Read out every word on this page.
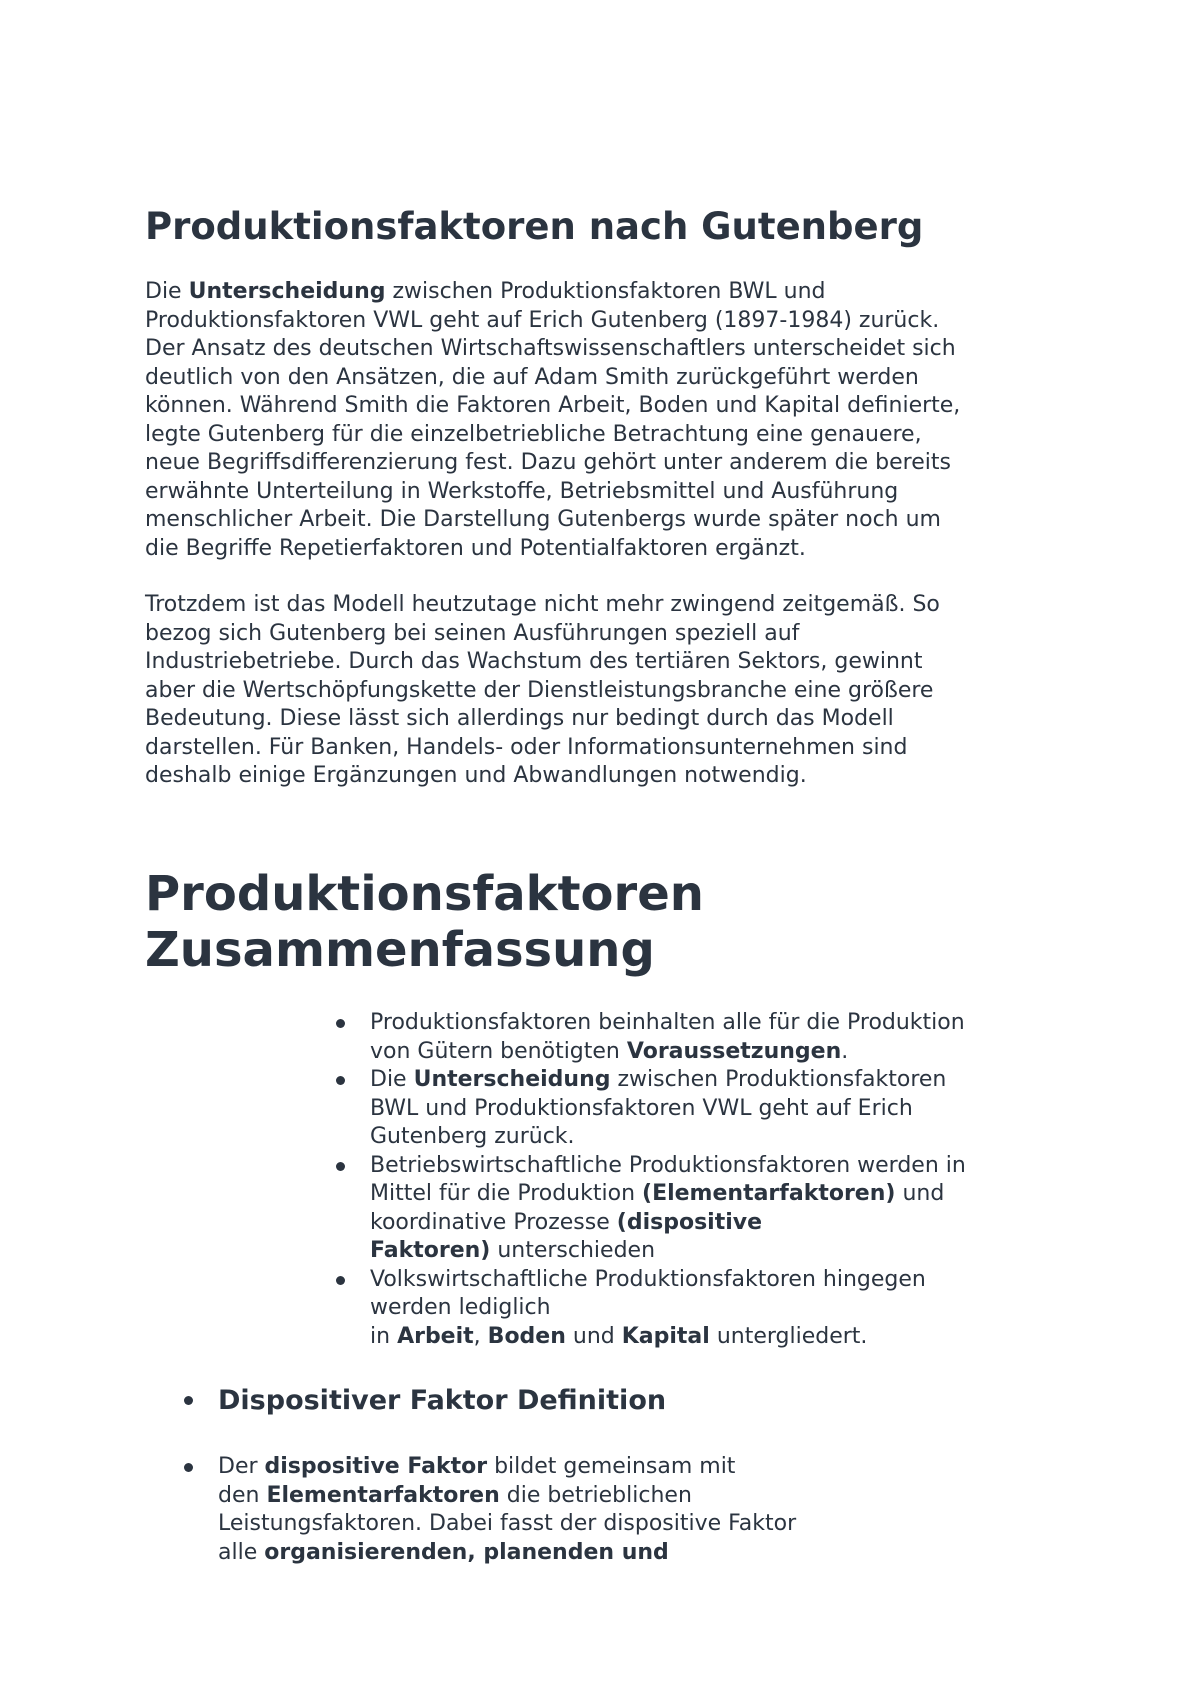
Produktionsfaktoren nach Gutenberg
Die Unterscheidung zwischen Produktionsfaktoren BWL und
Produktionsfaktoren VWL geht auf Erich Gutenberg (1897-1984) zurück.
Der Ansatz des deutschen Wirtschaftswissenschaftlers unterscheidet sich
deutlich von den Ansätzen, die auf Adam Smith zurückgeführt werden
können. Während Smith die Faktoren Arbeit, Boden und Kapital definierte,
legte Gutenberg für die einzelbetriebliche Betrachtung eine genauere,
neue Begriffsdifferenzierung fest. Dazu gehört unter anderem die bereits
erwähnte Unterteilung in Werkstoffe, Betriebsmittel und Ausführung
menschlicher Arbeit. Die Darstellung Gutenbergs wurde später noch um
die Begriffe Repetierfaktoren und Potentialfaktoren ergänzt.
Trotzdem ist das Modell heutzutage nicht mehr zwingend zeitgemäß. So
bezog sich Gutenberg bei seinen Ausführungen speziell auf
Industriebetriebe. Durch das Wachstum des tertiären Sektors, gewinnt
aber die Wertschöpfungskette der Dienstleistungsbranche eine größere
Bedeutung. Diese lässt sich allerdings nur bedingt durch das Modell
darstellen. Für Banken, Handels- oder Informationsunternehmen sind
deshalb einige Ergänzungen und Abwandlungen notwendig.
Produktionsfaktoren
Zusammenfassung
Produktionsfaktoren beinhalten alle für die Produktion
von Gütern benötigten Voraussetzungen.
Die Unterscheidung zwischen Produktionsfaktoren
BWL und Produktionsfaktoren VWL geht auf Erich
Gutenberg zurück.
Betriebswirtschaftliche Produktionsfaktoren werden in
Mittel für die Produktion (Elementarfaktoren) und
koordinative Prozesse (dispositive
Faktoren) unterschieden
Volkswirtschaftliche Produktionsfaktoren hingegen
werden lediglich
in Arbeit, Boden und Kapital untergliedert.
Dispositiver Faktor Definition
Der dispositive Faktor bildet gemeinsam mit
den Elementarfaktoren die betrieblichen
Leistungsfaktoren. Dabei fasst der dispositive Faktor
alle organisierenden, planenden und
